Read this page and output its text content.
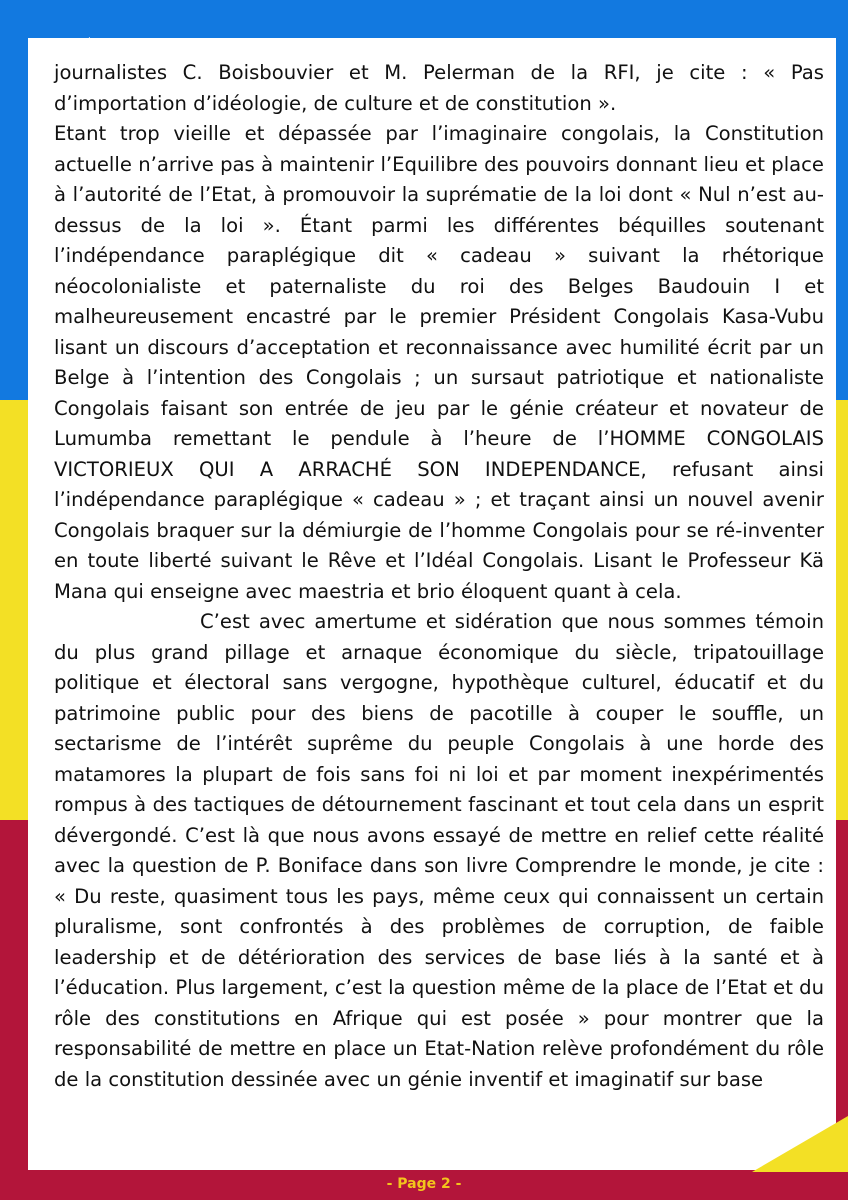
journalistes C. Boisbouvier et M. Pelerman de la RFI, je cite : « Pas d’importation d’idéologie, de culture et de constitution ».

Etant trop vieille et dépassée par l’imaginaire congolais, la Constitution actuelle n’arrive pas à maintenir l’Equilibre des pouvoirs donnant lieu et place à l’autorité de l’Etat, à promouvoir la suprématie de la loi dont « Nul n’est au-dessus de la loi ». Étant parmi les différentes béquilles soutenant l’indépendance paraplégique dit « cadeau » suivant la rhétorique néocolonialiste et paternaliste du roi des Belges Baudouin I et malheureusement encastré par le premier Président Congolais Kasa-Vubu lisant un discours d’acceptation et reconnaissance avec humilité écrit par un Belge à l’intention des Congolais ; un sursaut patriotique et nationaliste Congolais faisant son entrée de jeu par le génie créateur et novateur de Lumumba remettant le pendule à l’heure de l’HOMME CONGOLAIS VICTORIEUX QUI A ARRACHÉ SON INDEPENDANCE, refusant ainsi l’indépendance paraplégique « cadeau » ; et traçant ainsi un nouvel avenir Congolais braquer sur la démiurgie de l’homme Congolais pour se ré-inventer en toute liberté suivant le Rêve et l’Idéal Congolais. Lisant le Professeur Kä Mana qui enseigne avec maestria et brio éloquent quant à cela.

C’est avec amertume et sidération que nous sommes témoin du plus grand pillage et arnaque économique du siècle, tripatouillage politique et électoral sans vergogne, hypothèque culturel, éducatif et du patrimoine public pour des biens de pacotille à couper le souffle, un sectarisme de l’intérêt suprême du peuple Congolais à une horde des matamores la plupart de fois sans foi ni loi et par moment inexpérimentés rompus à des tactiques de détournement fascinant et tout cela dans un esprit dévergondé. C’est là que nous avons essayé de mettre en relief cette réalité avec la question de P. Boniface dans son livre Comprendre le monde, je cite : « Du reste, quasiment tous les pays, même ceux qui connaissent un certain pluralisme, sont confrontés à des problèmes de corruption, de faible leadership et de détérioration des services de base liés à la santé et à l’éducation. Plus largement, c’est la question même de la place de l’Etat et du rôle des constitutions en Afrique qui est posée » pour montrer que la responsabilité de mettre en place un Etat-Nation relève profondément du rôle de la constitution dessinée avec un génie inventif et imaginatif sur base

- Page 2 -
